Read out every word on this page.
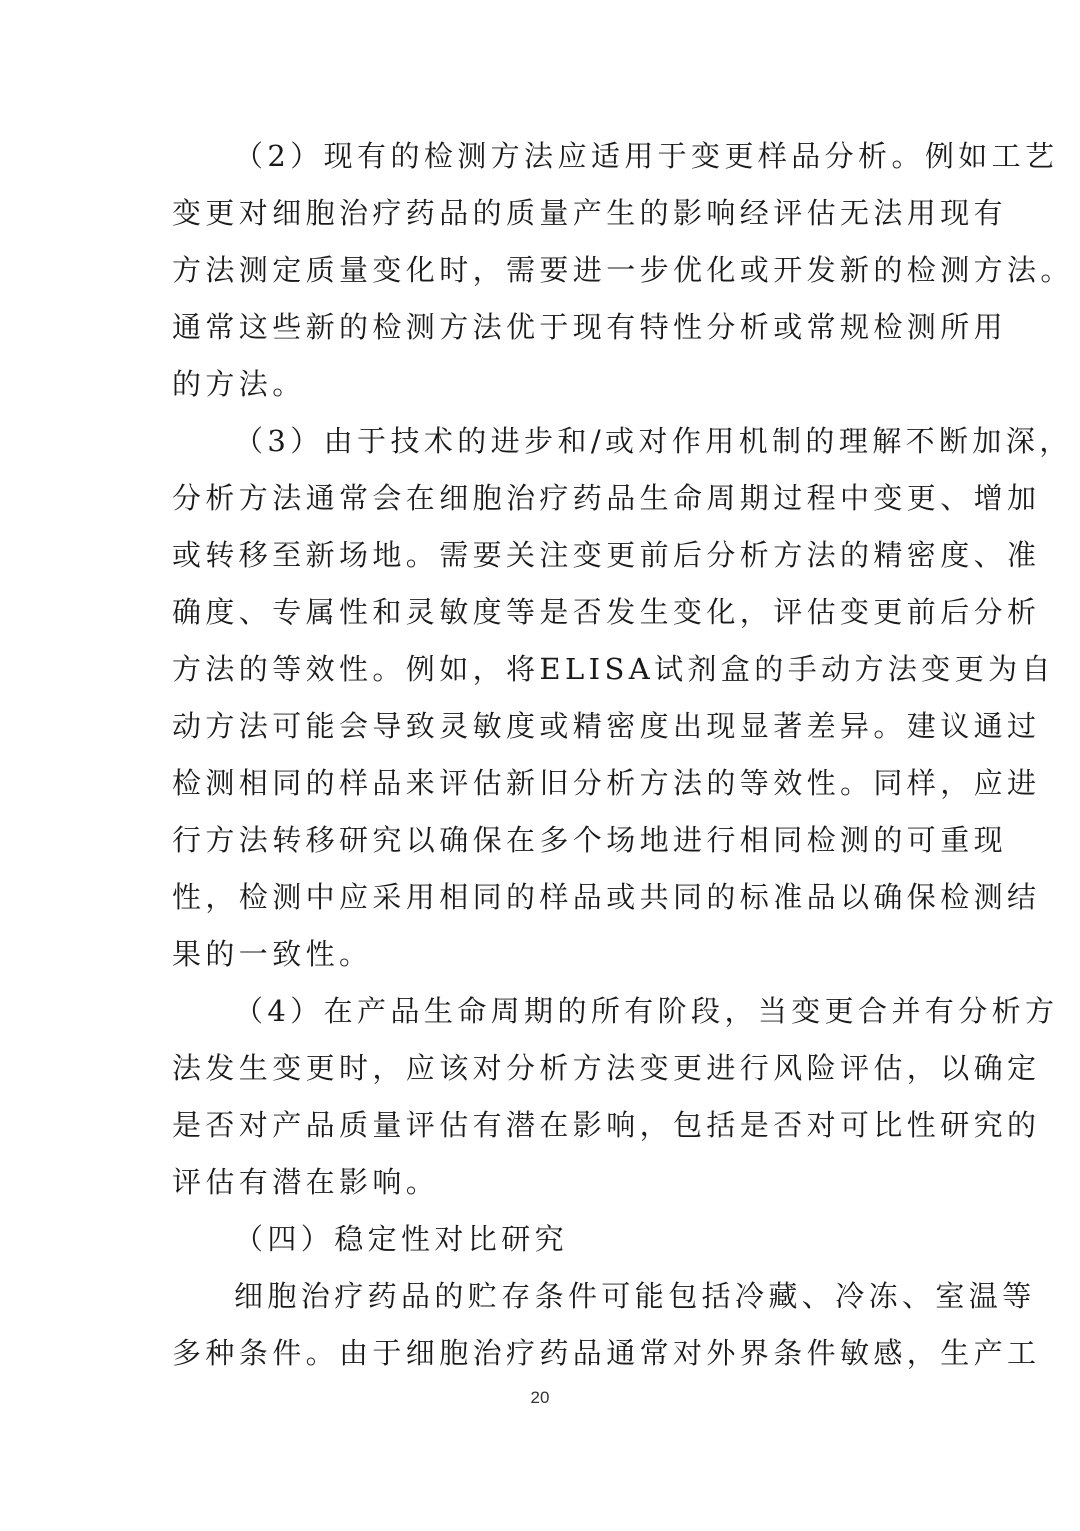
（2）现有的检测方法应适用于变更样品分析。例如工艺
变更对细胞治疗药品的质量产生的影响经评估无法用现有
方法测定质量变化时，需要进一步优化或开发新的检测方法。
通常这些新的检测方法优于现有特性分析或常规检测所用
的方法。
（3）由于技术的进步和/或对作用机制的理解不断加深，
分析方法通常会在细胞治疗药品生命周期过程中变更、增加
或转移至新场地。需要关注变更前后分析方法的精密度、准
确度、专属性和灵敏度等是否发生变化，评估变更前后分析
方法的等效性。例如，将ELISA试剂盒的手动方法变更为自
动方法可能会导致灵敏度或精密度出现显著差异。建议通过
检测相同的样品来评估新旧分析方法的等效性。同样，应进
行方法转移研究以确保在多个场地进行相同检测的可重现
性，检测中应采用相同的样品或共同的标准品以确保检测结
果的一致性。
（4）在产品生命周期的所有阶段，当变更合并有分析方
法发生变更时，应该对分析方法变更进行风险评估，以确定
是否对产品质量评估有潜在影响，包括是否对可比性研究的
评估有潜在影响。
（四）稳定性对比研究
细胞治疗药品的贮存条件可能包括冷藏、冷冻、室温等
多种条件。由于细胞治疗药品通常对外界条件敏感，生产工
20
